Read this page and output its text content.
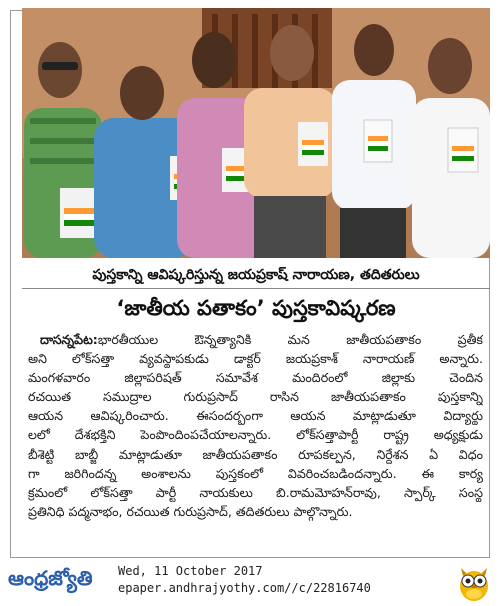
పుస్తకాన్ని ఆవిష్కరిస్తున్న జయప్రకాష్ నారాయణ, తదితరులు
‘జాతీయ పతాకం’ పుస్తకావిష్కరణ
దాసన్నపేట:భారతీయుల ఔన్నత్యానికి మన జాతీయపతాకం ప్రతీక
అని లోక్‌సత్తా వ్యవస్థాపకుడు డాక్టర్ జయప్రకాశ్ నారాయణ్ అన్నారు.
మంగళవారం జిల్లాపరిషత్ సమావేశ మందిరంలో జిల్లాకు చెందిన
రచయిత సముద్రాల గురుప్రసాద్ రాసిన జాతీయపతాకం పుస్తకాన్ని
ఆయన ఆవిష్కరించారు. ఈసందర్భంగా ఆయన మాట్లాడుతూ విద్యార్థు
లలో దేశభక్తిని పెంపొందింపచేయాలన్నారు. లోక్‌సత్తాపార్టీ రాష్ట్ర అధ్యక్షుడు
బీశెట్టి బాబ్జీ మాట్లాడుతూ జాతీయపతాకం రూపకల్పన, నిర్దేశన ఏ విధం
గా జరిగిందన్న అంశాలను పుస్తకంలో వివరించబడిందన్నారు. ఈ కార్య
క్రమంలో లోక్‌సత్తా పార్టీ నాయకులు బి.రామమోహన్‌రావు, స్పార్క్ సంస్థ
ప్రతినిధి పద్మనాభం, రచయిత గురుప్రసాద్, తదితరులు పాల్గొన్నారు.
ఆంధ్రజ్యోతి Wed, 11 October 2017
epaper.andhrajyothy.com//c/22816740
